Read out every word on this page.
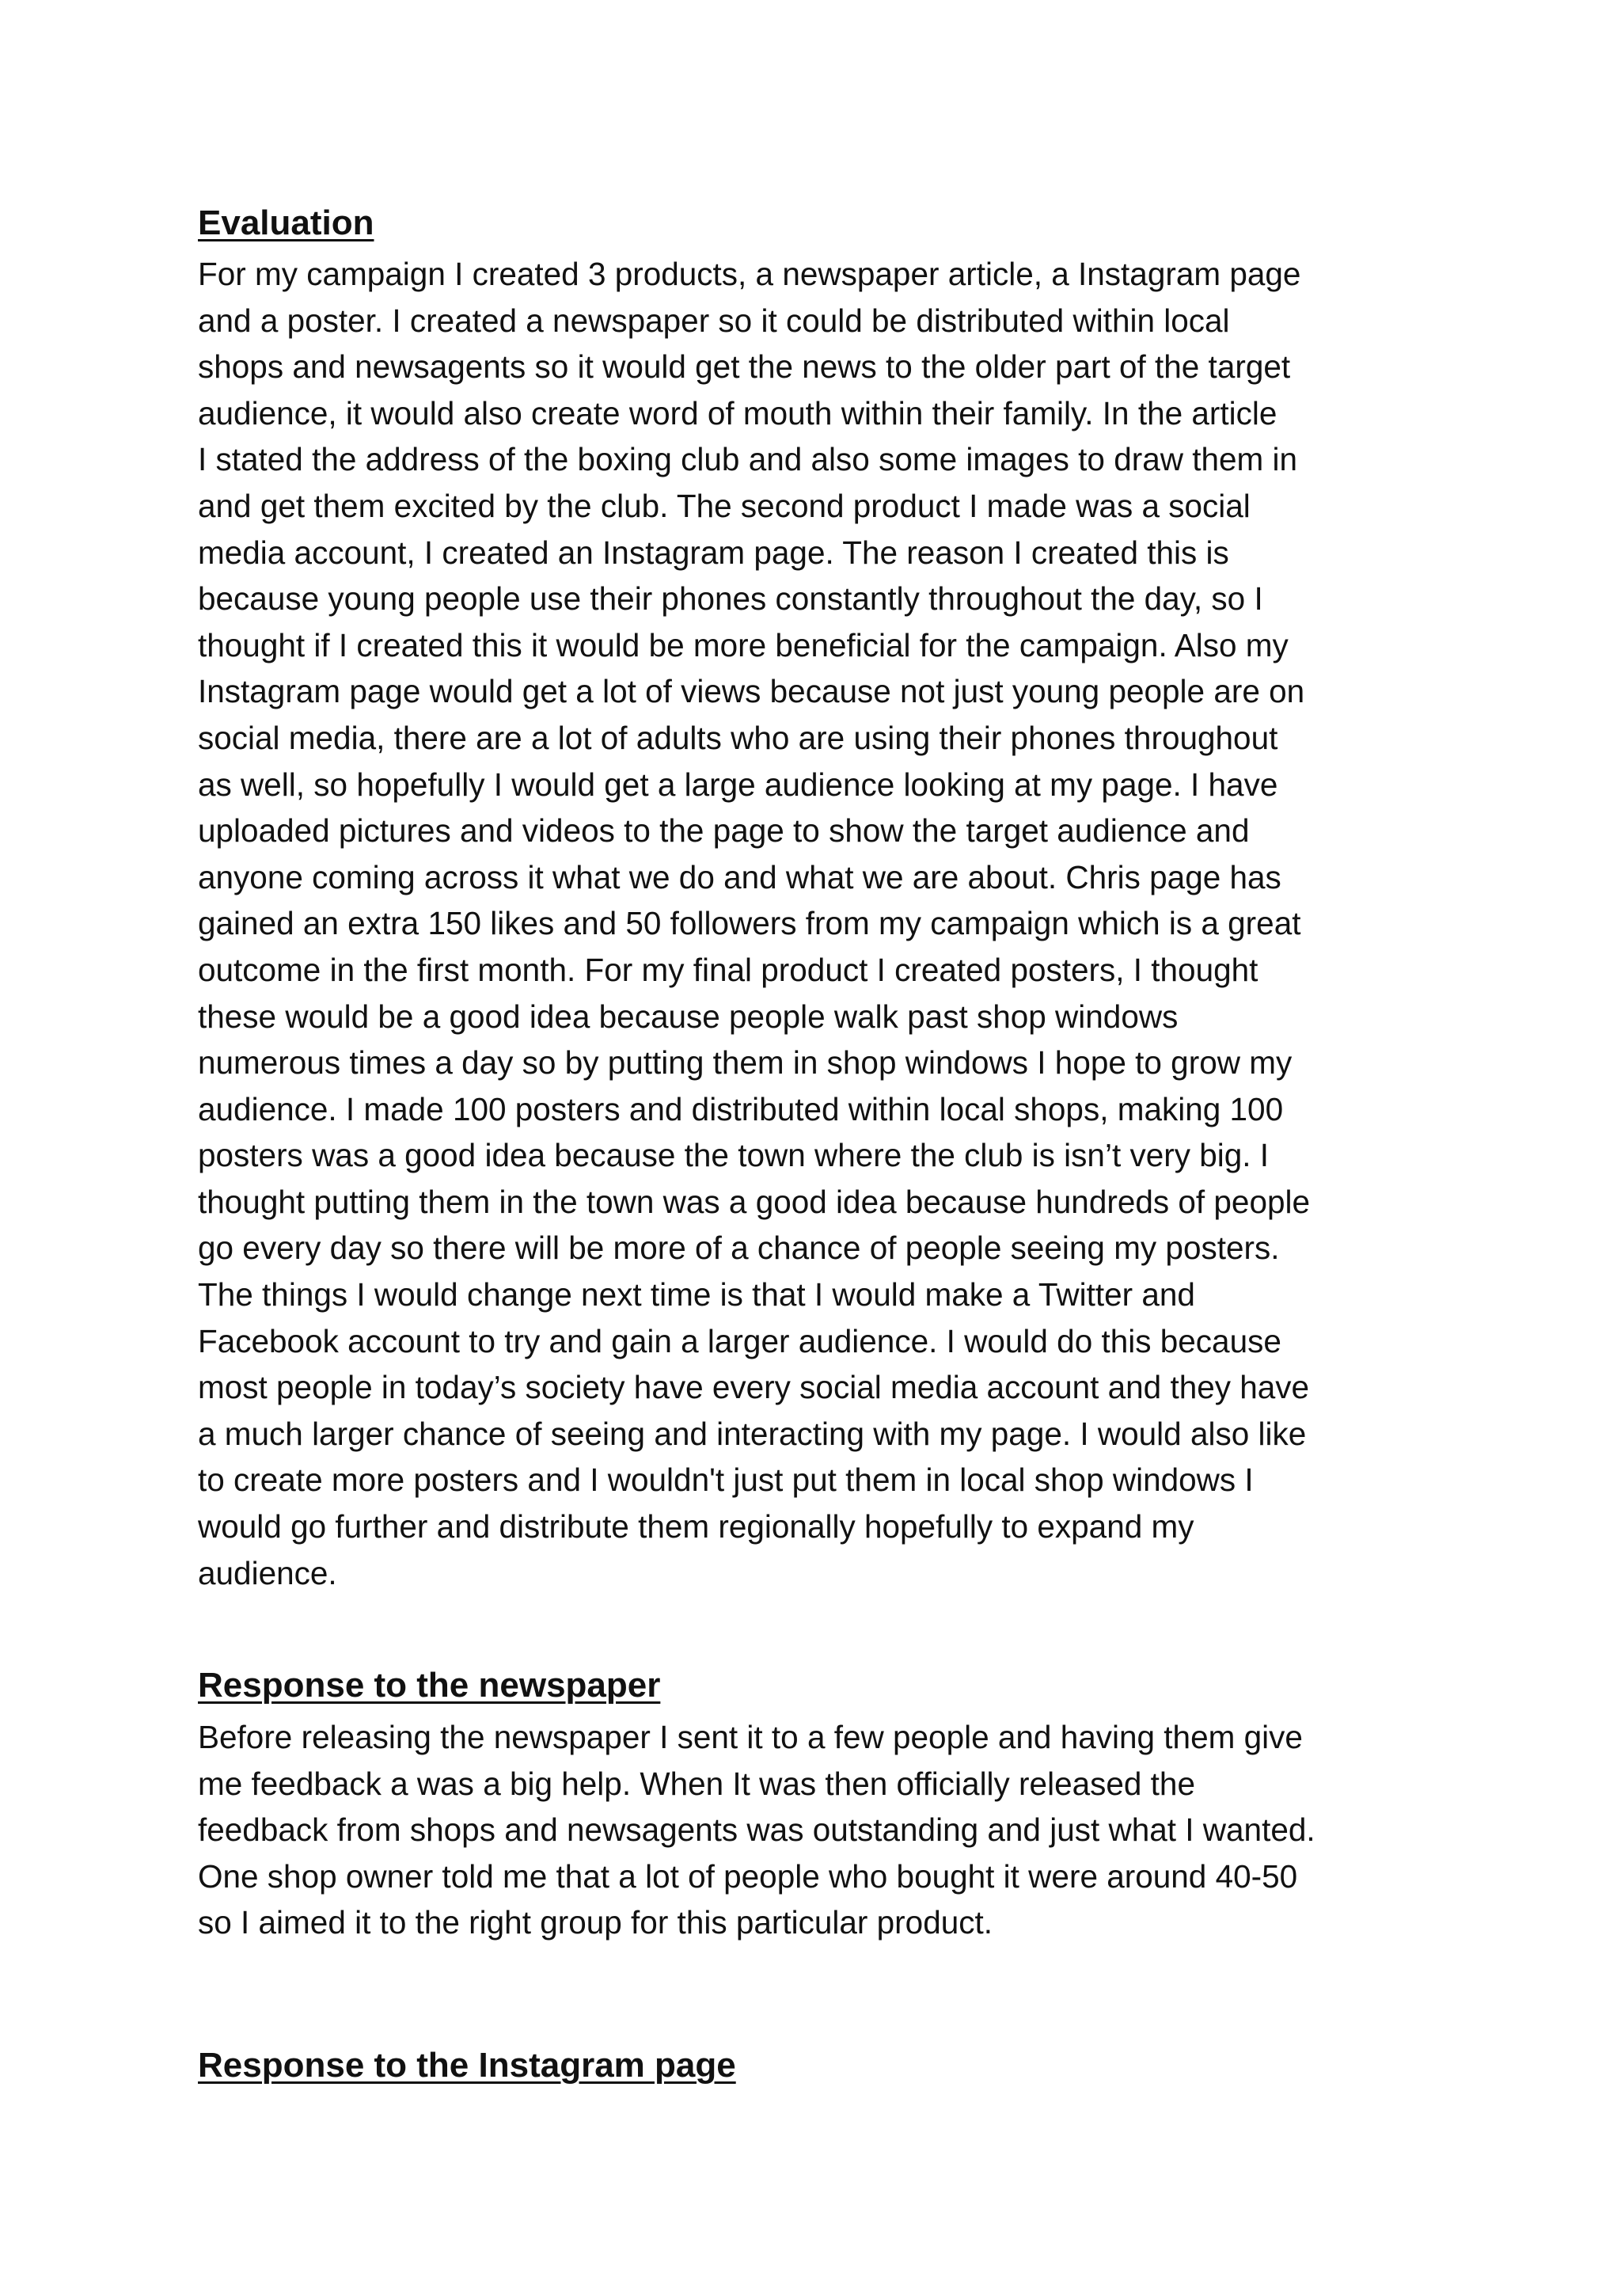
Evaluation

For my campaign I created 3 products, a newspaper article, a Instagram page
and a poster. I created a newspaper so it could be distributed within local
shops and newsagents so it would get the news to the older part of the target
audience, it would also create word of mouth within their family. In the article
I stated the address of the boxing club and also some images to draw them in
and get them excited by the club. The second product I made was a social
media account, I created an Instagram page. The reason I created this is
because young people use their phones constantly throughout the day, so I
thought if I created this it would be more beneficial for the campaign. Also my
Instagram page would get a lot of views because not just young people are on
social media, there are a lot of adults who are using their phones throughout
as well, so hopefully I would get a large audience looking at my page. I have
uploaded pictures and videos to the page to show the target audience and
anyone coming across it what we do and what we are about. Chris page has
gained an extra 150 likes and 50 followers from my campaign which is a great
outcome in the first month. For my final product I created posters, I thought
these would be a good idea because people walk past shop windows
numerous times a day so by putting them in shop windows I hope to grow my
audience. I made 100 posters and distributed within local shops, making 100
posters was a good idea because the town where the club is isn’t very big. I
thought putting them in the town was a good idea because hundreds of people
go every day so there will be more of a chance of people seeing my posters.
The things I would change next time is that I would make a Twitter and
Facebook account to try and gain a larger audience. I would do this because
most people in today’s society have every social media account and they have
a much larger chance of seeing and interacting with my page. I would also like
to create more posters and I wouldn't just put them in local shop windows I
would go further and distribute them regionally hopefully to expand my
audience.

Response to the newspaper

Before releasing the newspaper I sent it to a few people and having them give
me feedback a was a big help. When It was then officially released the
feedback from shops and newsagents was outstanding and just what I wanted.
One shop owner told me that a lot of people who bought it were around 40-50
so I aimed it to the right group for this particular product.

Response to the Instagram page
